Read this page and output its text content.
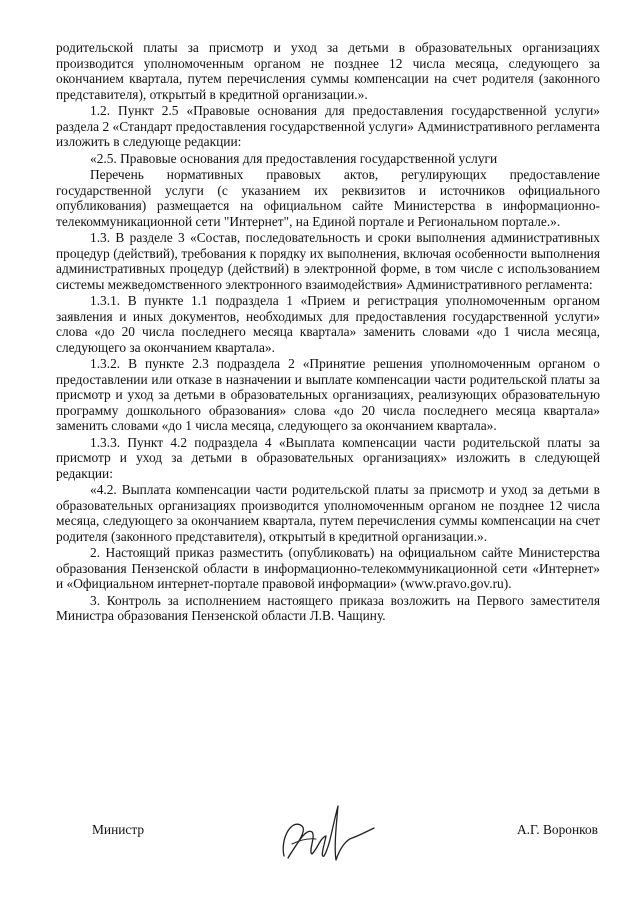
родительской платы за присмотр и уход за детьми в образовательных организациях производится уполномоченным органом не позднее 12 числа месяца, следующего за окончанием квартала, путем перечисления суммы компенсации на счет родителя (законного представителя), открытый в кредитной организации.».

1.2. Пункт 2.5 «Правовые основания для предоставления государственной услуги» раздела 2 «Стандарт предоставления государственной услуги» Административного регламента изложить в следующе редакции:

«2.5. Правовые основания для предоставления государственной услуги

Перечень нормативных правовых актов, регулирующих предоставление государственной услуги (с указанием их реквизитов и источников официального опубликования) размещается на официальном сайте Министерства в информационно-телекоммуникационной сети "Интернет", на Единой портале и Региональном портале.».

1.3. В разделе 3 «Состав, последовательность и сроки выполнения административных процедур (действий), требования к порядку их выполнения, включая особенности выполнения административных процедур (действий) в электронной форме, в том числе с использованием системы межведомственного электронного взаимодействия» Административного регламента:

1.3.1. В пункте 1.1 подраздела 1 «Прием и регистрация уполномоченным органом заявления и иных документов, необходимых для предоставления государственной услуги» слова «до 20 числа последнего месяца квартала» заменить словами «до 1 числа месяца, следующего за окончанием квартала».

1.3.2. В пункте 2.3 подраздела 2 «Принятие решения уполномоченным органом о предоставлении или отказе в назначении и выплате компенсации части родительской платы за присмотр и уход за детьми в образовательных организациях, реализующих образовательную программу дошкольного образования» слова «до 20 числа последнего месяца квартала» заменить словами «до 1 числа месяца, следующего за окончанием квартала».

1.3.3. Пункт 4.2 подраздела 4 «Выплата компенсации части родительской платы за присмотр и уход за детьми в образовательных организациях» изложить в следующей редакции:

«4.2. Выплата компенсации части родительской платы за присмотр и уход за детьми в образовательных организациях производится уполномоченным органом не позднее 12 числа месяца, следующего за окончанием квартала, путем перечисления суммы компенсации на счет родителя (законного представителя), открытый в кредитной организации.».

2. Настоящий приказ разместить (опубликовать) на официальном сайте Министерства образования Пензенской области в информационно-телекоммуникационной сети «Интернет» и «Официальном интернет-портале правовой информации» (www.pravo.gov.ru).

3. Контроль за исполнением настоящего приказа возложить на Первого заместителя Министра образования Пензенской области Л.В. Чащину.

Министр	А.Г. Воронков
